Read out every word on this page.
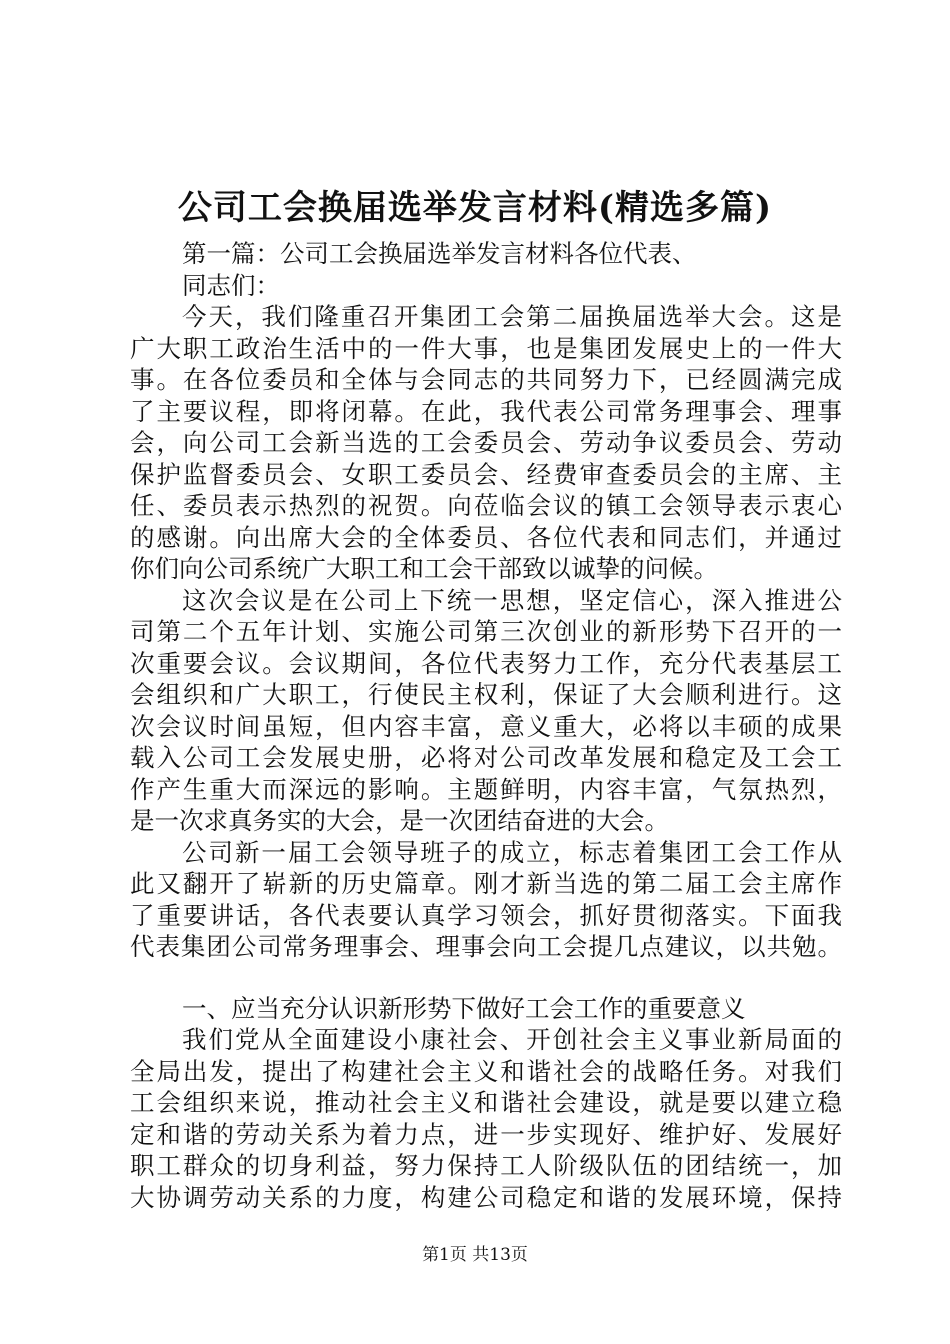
公司工会换届选举发言材料(精选多篇)
第一篇：公司工会换届选举发言材料各位代表、
同志们：
今天，我们隆重召开集团工会第二届换届选举大会。这是
广大职工政治生活中的一件大事，也是集团发展史上的一件大
事。在各位委员和全体与会同志的共同努力下，已经圆满完成
了主要议程，即将闭幕。在此，我代表公司常务理事会、理事
会，向公司工会新当选的工会委员会、劳动争议委员会、劳动
保护监督委员会、女职工委员会、经费审查委员会的主席、主
任、委员表示热烈的祝贺。向莅临会议的镇工会领导表示衷心
的感谢。向出席大会的全体委员、各位代表和同志们，并通过
你们向公司系统广大职工和工会干部致以诚挚的问候。
这次会议是在公司上下统一思想，坚定信心，深入推进公
司第二个五年计划、实施公司第三次创业的新形势下召开的一
次重要会议。会议期间，各位代表努力工作，充分代表基层工
会组织和广大职工，行使民主权利，保证了大会顺利进行。这
次会议时间虽短，但内容丰富，意义重大，必将以丰硕的成果
载入公司工会发展史册，必将对公司改革发展和稳定及工会工
作产生重大而深远的影响。主题鲜明，内容丰富，气氛热烈，
是一次求真务实的大会，是一次团结奋进的大会。
公司新一届工会领导班子的成立，标志着集团工会工作从
此又翻开了崭新的历史篇章。刚才新当选的第二届工会主席作
了重要讲话，各代表要认真学习领会，抓好贯彻落实。下面我
代表集团公司常务理事会、理事会向工会提几点建议，以共勉。
一、应当充分认识新形势下做好工会工作的重要意义
我们党从全面建设小康社会、开创社会主义事业新局面的
全局出发，提出了构建社会主义和谐社会的战略任务。对我们
工会组织来说，推动社会主义和谐社会建设，就是要以建立稳
定和谐的劳动关系为着力点，进一步实现好、维护好、发展好
职工群众的切身利益，努力保持工人阶级队伍的团结统一，加
大协调劳动关系的力度，构建公司稳定和谐的发展环境，保持
第1页 共13页
